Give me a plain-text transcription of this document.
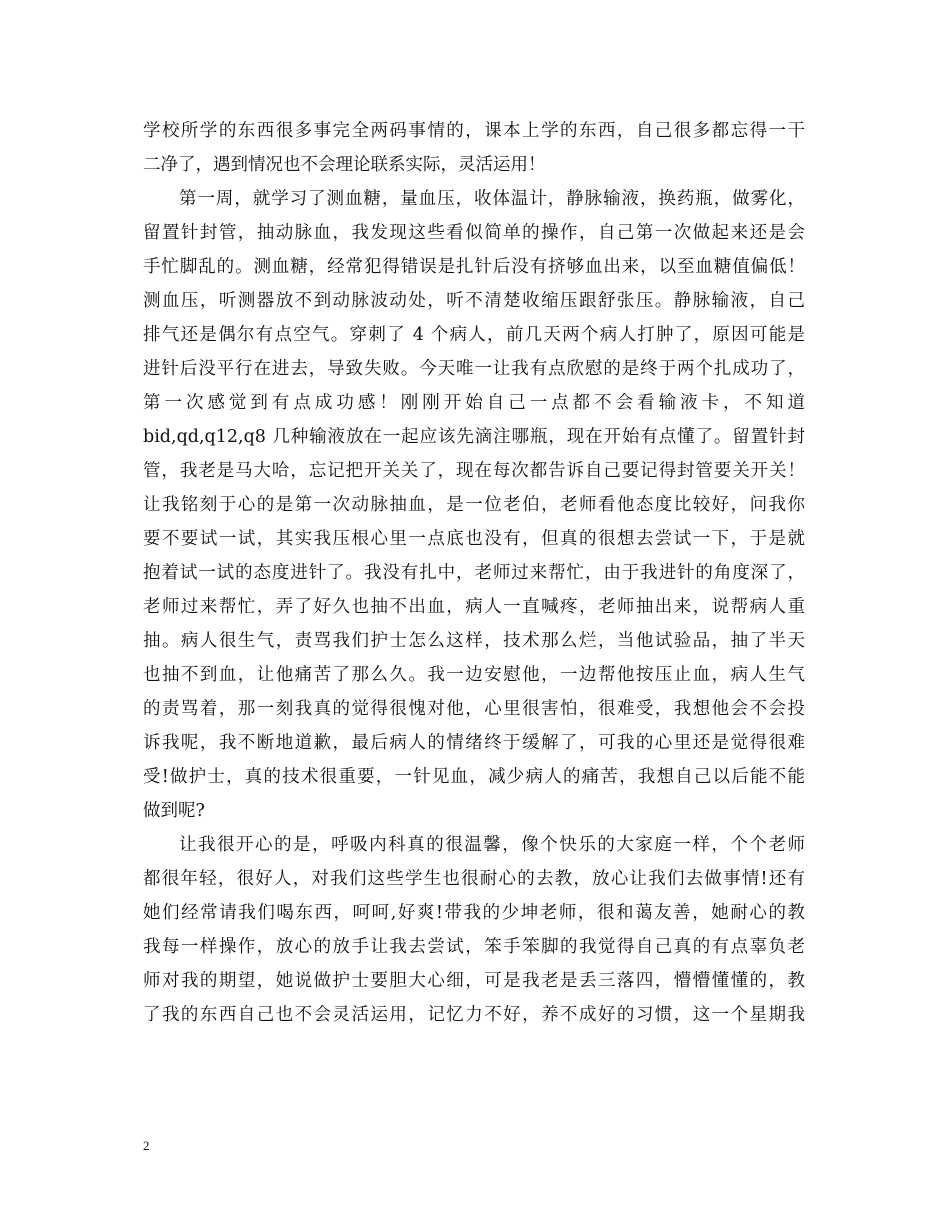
学校所学的东西很多事完全两码事情的，课本上学的东西，自己很多都忘得一干
二净了，遇到情况也不会理论联系实际，灵活运用！
第一周，就学习了测血糖，量血压，收体温计，静脉输液，换药瓶，做雾化，
留置针封管，抽动脉血，我发现这些看似简单的操作，自己第一次做起来还是会
手忙脚乱的。测血糖，经常犯得错误是扎针后没有挤够血出来，以至血糖值偏低！
测血压，听测器放不到动脉波动处，听不清楚收缩压跟舒张压。静脉输液，自己
排气还是偶尔有点空气。穿刺了 4 个病人，前几天两个病人打肿了，原因可能是
进针后没平行在进去，导致失败。今天唯一让我有点欣慰的是终于两个扎成功了，
第一次感觉到有点成功感！刚刚开始自己一点都不会看输液卡，不知道
bid,qd,q12,q8 几种输液放在一起应该先滴注哪瓶，现在开始有点懂了。留置针封
管，我老是马大哈，忘记把开关关了，现在每次都告诉自己要记得封管要关开关！
让我铭刻于心的是第一次动脉抽血，是一位老伯，老师看他态度比较好，问我你
要不要试一试，其实我压根心里一点底也没有，但真的很想去尝试一下，于是就
抱着试一试的态度进针了。我没有扎中，老师过来帮忙，由于我进针的角度深了，
老师过来帮忙，弄了好久也抽不出血，病人一直喊疼，老师抽出来，说帮病人重
抽。病人很生气，责骂我们护士怎么这样，技术那么烂，当他试验品，抽了半天
也抽不到血，让他痛苦了那么久。我一边安慰他，一边帮他按压止血，病人生气
的责骂着，那一刻我真的觉得很愧对他，心里很害怕，很难受，我想他会不会投
诉我呢，我不断地道歉，最后病人的情绪终于缓解了，可我的心里还是觉得很难
受!做护士，真的技术很重要，一针见血，减少病人的痛苦，我想自己以后能不能
做到呢?
让我很开心的是，呼吸内科真的很温馨，像个快乐的大家庭一样，个个老师
都很年轻，很好人，对我们这些学生也很耐心的去教，放心让我们去做事情!还有
她们经常请我们喝东西，呵呵,好爽!带我的少坤老师，很和蔼友善，她耐心的教
我每一样操作，放心的放手让我去尝试，笨手笨脚的我觉得自己真的有点辜负老
师对我的期望，她说做护士要胆大心细，可是我老是丢三落四，懵懵懂懂的，教
了我的东西自己也不会灵活运用，记忆力不好，养不成好的习惯，这一个星期我
2
